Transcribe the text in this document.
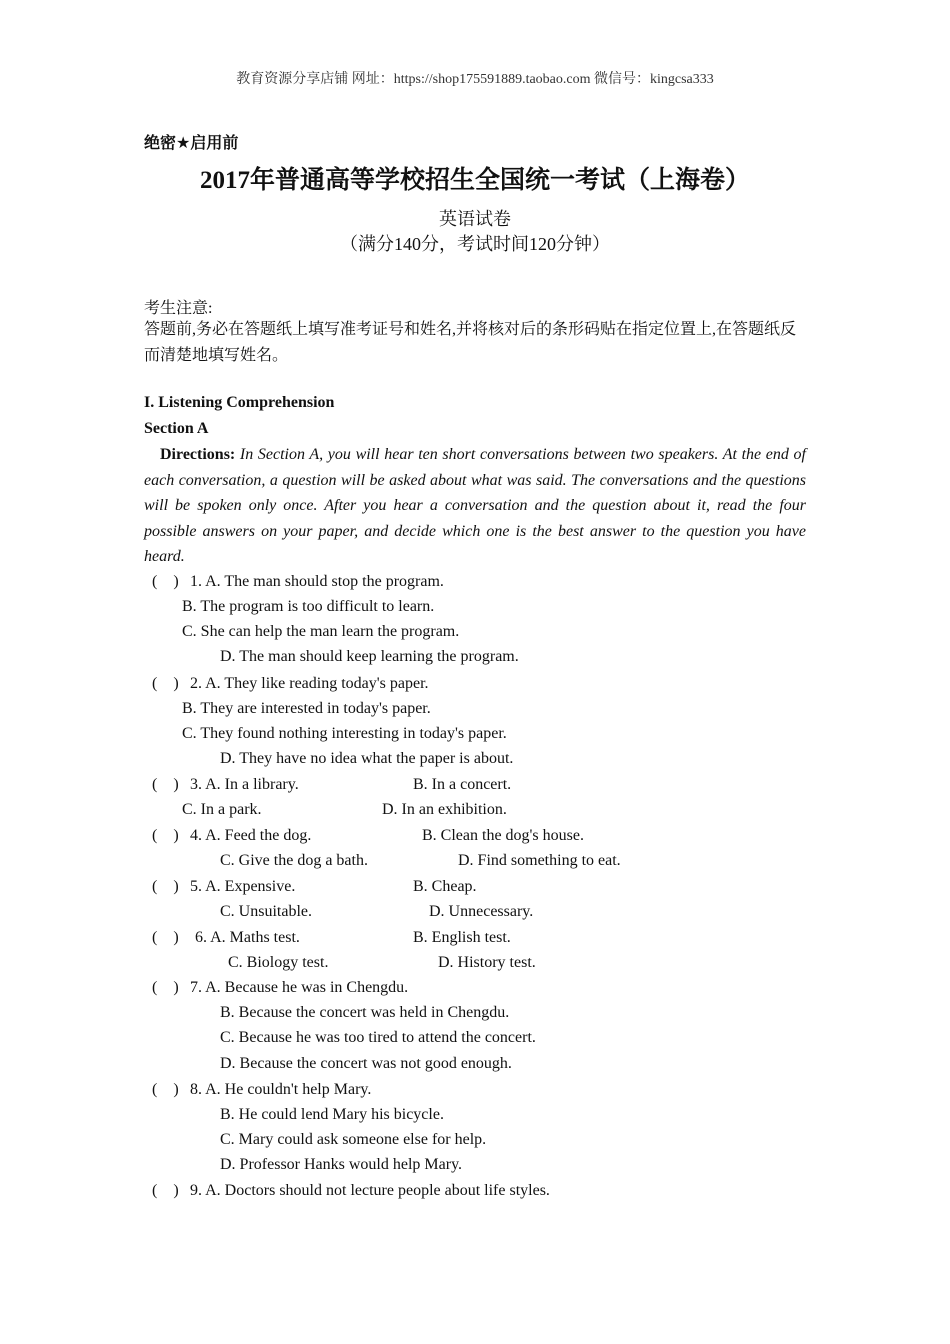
教育资源分享店铺 网址：https://shop175591889.taobao.com 微信号：kingcsa333
绝密★启用前
2017年普通高等学校招生全国统一考试（上海卷）
英语试卷
（满分140分，考试时间120分钟）
考生注意:
答题前,务必在答题纸上填写准考证号和姓名,并将核对后的条形码贴在指定位置上,在答题纸反而清楚地填写姓名。
I. Listening Comprehension
Section A
Directions: In Section A, you will hear ten short conversations between two speakers. At the end of each conversation, a question will be asked about what was said. The conversations and the questions will be spoken only once. After you hear a conversation and the question about it, read the four possible answers on your paper, and decide which one is the best answer to the question you have heard.
(    ) 1. A. The man should stop the program.
B. The program is too difficult to learn.
C. She can help the man learn the program.
D. The man should keep learning the program.
(    ) 2. A. They like reading today's paper.
B. They are interested in today's paper.
C. They found nothing interesting in today's paper.
D. They have no idea what the paper is about.
(    ) 3. A. In a library.	B. In a concert.
C. In a park.	D. In an exhibition.
(    ) 4. A. Feed the dog.	B. Clean the dog's house.
C. Give the dog a bath.	D. Find something to eat.
(    ) 5. A. Expensive.	B. Cheap.
C. Unsuitable.	D. Unnecessary.
(    ) 6. A. Maths test.	B. English test.
C. Biology test.	D. History test.
(    ) 7. A. Because he was in Chengdu.
B. Because the concert was held in Chengdu.
C. Because he was too tired to attend the concert.
D. Because the concert was not good enough.
(    ) 8. A. He couldn't help Mary.
B. He could lend Mary his bicycle.
C. Mary could ask someone else for help.
D. Professor Hanks would help Mary.
(    ) 9. A. Doctors should not lecture people about life styles.
